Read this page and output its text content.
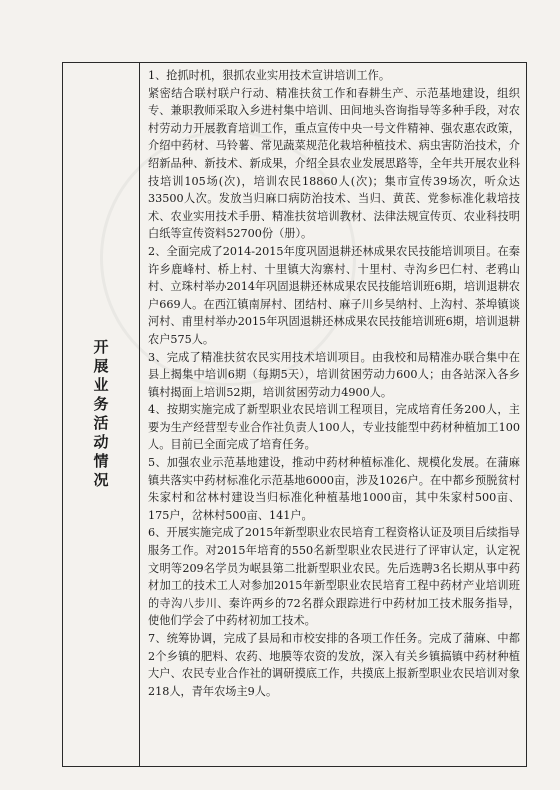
开展业务活动情况

1、抢抓时机，狠抓农业实用技术宣讲培训工作。

紧密结合联村联户行动、精准扶贫工作和春耕生产、示范基地建设，组织专、兼职教师采取入乡进村集中培训、田间地头咨询指导等多种手段，对农村劳动力开展教育培训工作，重点宣传中央一号文件精神、强农惠农政策，介绍中药材、马铃薯、常见蔬菜规范化栽培种植技术、病虫害防治技术，介绍新品种、新技术、新成果，介绍全县农业发展思路等，全年共开展农业科技培训105场(次)，培训农民18860人(次)；集市宣传39场次，听众达33500人次。发放当归麻口病防治技术、当归、黄芪、党参标准化栽培技术、农业实用技术手册、精准扶贫培训教材、法律法规宣传页、农业科技明白纸等宣传资料52700份（册）。

2、全面完成了2014-2015年度巩固退耕还林成果农民技能培训项目。在秦许乡鹿峰村、桥上村、十里镇大沟寨村、十里村、寺沟乡巴仁村、老鸦山村、立珠村举办2014年巩固退耕还林成果农民技能培训班6期，培训退耕农户669人。在西江镇南屏村、团结村、麻子川乡吴纳村、上沟村、茶埠镇谈河村、甫里村举办2015年巩固退耕还林成果农民技能培训班6期，培训退耕农户575人。

3、完成了精准扶贫农民实用技术培训项目。由我校和局精准办联合集中在县上揭集中培训6期（每期5天），培训贫困劳动力600人；由各站深入各乡镇村揭面上培训52期，培训贫困劳动力4900人。

4、按期实施完成了新型职业农民培训工程项目，完成培育任务200人，主要为生产经营型专业合作社负责人100人，专业技能型中药材种植加工100人。目前已全面完成了培育任务。

5、加强农业示范基地建设，推动中药材种植标准化、规模化发展。在蒲麻镇共落实中药材标准化示范基地6000亩，涉及1026户。在中都乡预脱贫村朱家村和岔林村建设当归标准化种植基地1000亩，其中朱家村500亩、175户，岔林村500亩、141户。

6、开展实施完成了2015年新型职业农民培育工程资格认证及项目后续指导服务工作。对2015年培育的550名新型职业农民进行了评审认定，认定祝文明等209名学员为岷县第二批新型职业农民。先后选聘3名长期从事中药材加工的技术工人对参加2015年新型职业农民培育工程中药材产业培训班的寺沟八步川、秦许两乡的72名群众跟踪进行中药材加工技术服务指导，使他们学会了中药材初加工技术。

7、统筹协调，完成了县局和市校安排的各项工作任务。完成了蒲麻、中都2个乡镇的肥料、农药、地膜等农资的发放，深入有关乡镇搞镇中药材种植大户、农民专业合作社的调研摸底工作，共摸底上报新型职业农民培训对象218人，青年农场主9人。
